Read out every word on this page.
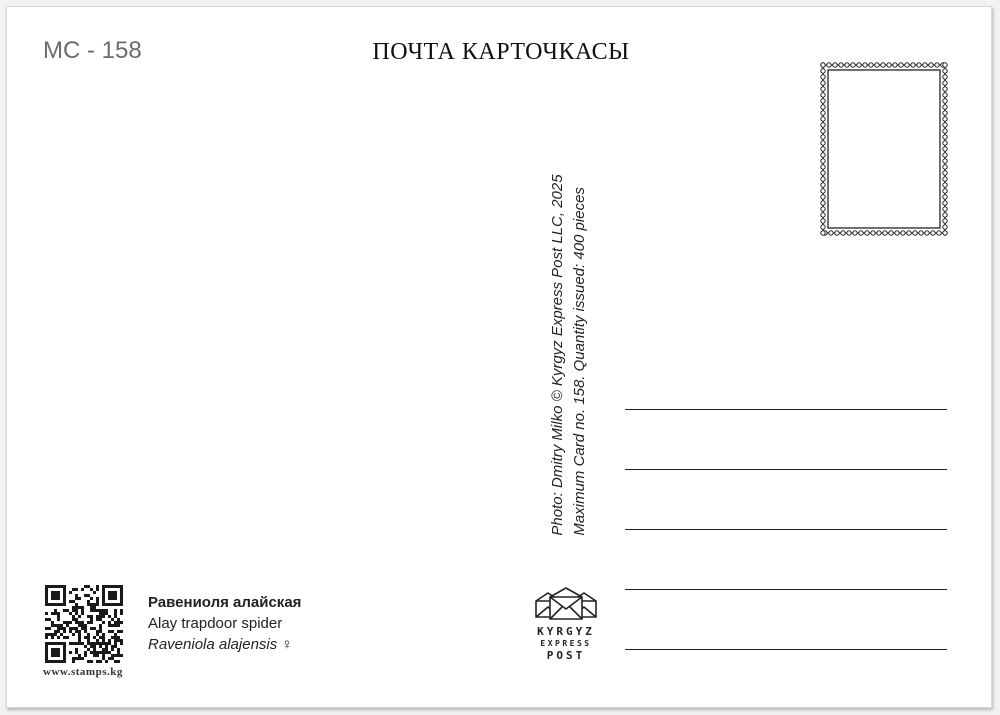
MC - 158	ПОЧТА КАРТОЧКАСЫ
Photo: Dmitry Milko © Kyrgyz Express Post LLC, 2025 Maximum Card no. 158. Quantity issued: 400 pieces
www.stamps.kg
Равениоля алайская
Alay trapdoor spider
Raveniola alajensis ♀
KYRGYZ
EXPRESS
POST
